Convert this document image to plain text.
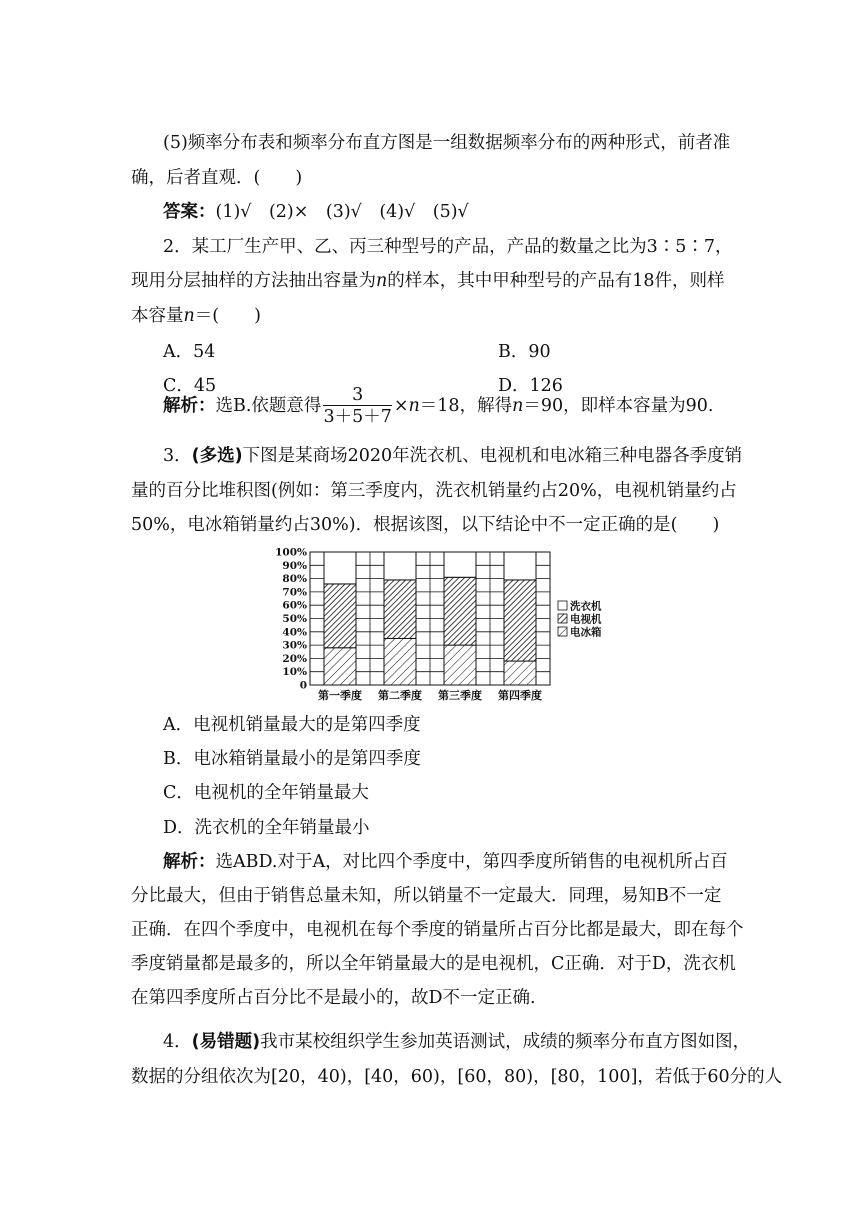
(5)频率分布表和频率分布直方图是一组数据频率分布的两种形式，前者准
确，后者直观．(　　)
答案：(1)√　(2)×　(3)√　(4)√　(5)√
2．某工厂生产甲、乙、丙三种型号的产品，产品的数量之比为3∶5∶7，
现用分层抽样的方法抽出容量为n的样本，其中甲种型号的产品有18件，则样
本容量n＝(　　)
A．54	B．90
C．45	D．126
解析：选B.依题意得 $\frac{3}{3+5+7} \times n=18$，解得n＝90，即样本容量为90.
3．(多选)下图是某商场2020年洗衣机、电视机和电冰箱三种电器各季度销
量的百分比堆积图(例如：第三季度内，洗衣机销量约占20%，电视机销量约占
50%，电冰箱销量约占30%)．根据该图，以下结论中不一定正确的是(　　)
0
10%
20%
30%
40%
50%
60%
70%
80%
90%
100%
第一季度 第二季度 第三季度 第四季度
洗衣机
电视机
电冰箱
A．电视机销量最大的是第四季度
B．电冰箱销量最小的是第四季度
C．电视机的全年销量最大
D．洗衣机的全年销量最小
解析：选ABD.对于A，对比四个季度中，第四季度所销售的电视机所占百
分比最大，但由于销售总量未知，所以销量不一定最大．同理，易知B不一定
正确．在四个季度中，电视机在每个季度的销量所占百分比都是最大，即在每个
季度销量都是最多的，所以全年销量最大的是电视机，C正确．对于D，洗衣机
在第四季度所占百分比不是最小的，故D不一定正确.
4．(易错题)我市某校组织学生参加英语测试，成绩的频率分布直方图如图，
数据的分组依次为[20，40)，[40，60)，[60，80)，[80，100]，若低于60分的人
